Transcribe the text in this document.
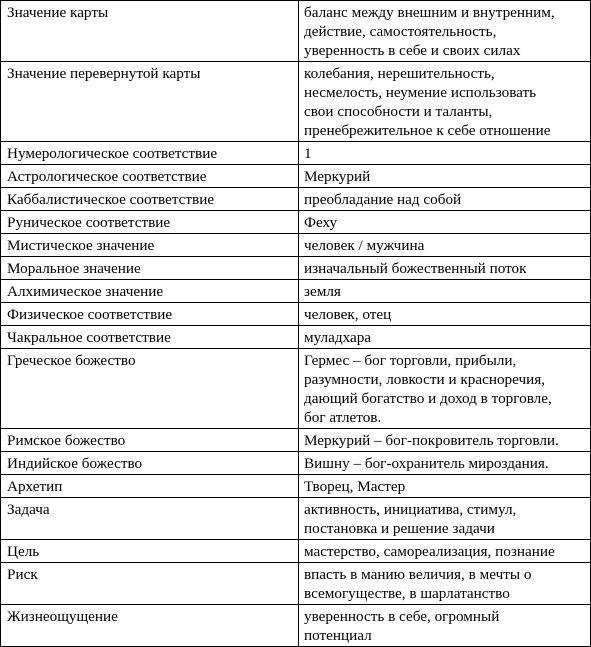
Значение карты	баланс между внешним и внутренним,
действие, самостоятельность,
уверенность в себе и своих силах
Значение перевернутой карты	колебания, нерешительность,
несмелость, неумение использовать
свои способности и таланты,
пренебрежительное к себе отношение
Нумерологическое соответствие	1
Астрологическое соответствие	Меркурий
Каббалистическое соответствие	преобладание над собой
Руническое соответствие	Феху
Мистическое значение	человек / мужчина
Моральное значение	изначальный божественный поток
Алхимическое значение	земля
Физическое соответствие	человек, отец
Чакральное соответствие	муладхара
Греческое божество	Гермес – бог торговли, прибыли,
разумности, ловкости и красноречия,
дающий богатство и доход в торговле,
бог атлетов.
Римское божество	Меркурий – бог-покровитель торговли.
Индийское божество	Вишну – бог-охранитель мироздания.
Архетип	Творец, Мастер
Задача	активность, инициатива, стимул,
постановка и решение задачи
Цель	мастерство, самореализация, познание
Риск	впасть в манию величия, в мечты о
всемогуществе, в шарлатанство
Жизнеощущение	уверенность в себе, огромный
потенциал
